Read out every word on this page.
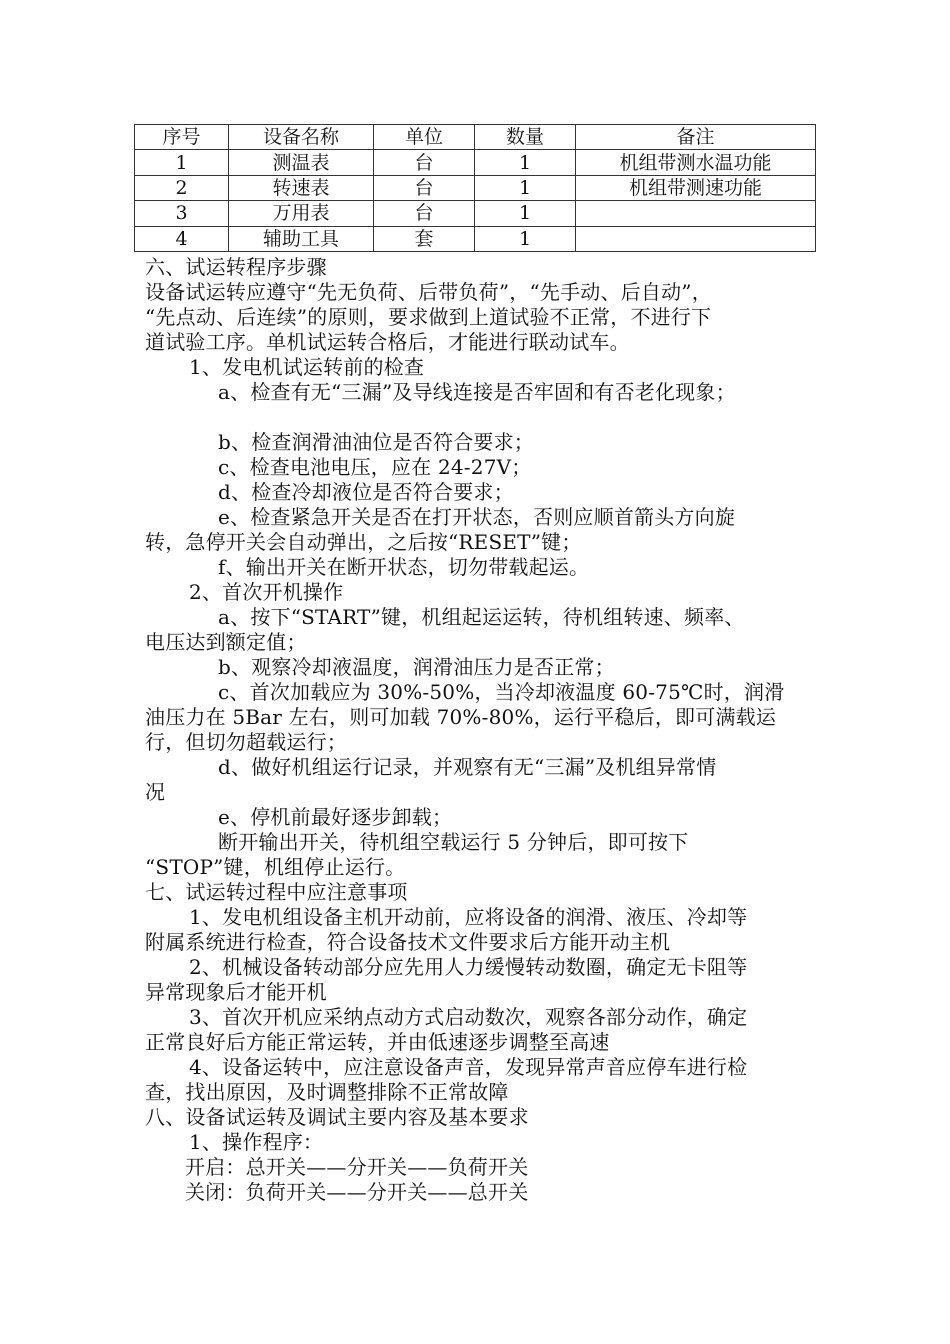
序号	设备名称	单位	数量	备注
1	测温表	台	1	机组带测水温功能
2	转速表	台	1	机组带测速功能
3	万用表	台	1	
4	辅助工具	套	1	
六、试运转程序步骤
设备试运转应遵守“先无负荷、后带负荷”，“先手动、后自动”，
“先点动、后连续”的原则，要求做到上道试验不正常，不进行下
道试验工序。单机试运转合格后，才能进行联动试车。
1、发电机试运转前的检查
a、检查有无“三漏”及导线连接是否牢固和有否老化现象；
b、检查润滑油油位是否符合要求；
c、检查电池电压，应在 24-27V；
d、检查冷却液位是否符合要求；
e、检查紧急开关是否在打开状态，否则应顺首箭头方向旋
转，急停开关会自动弹出，之后按“RESET”键；
f、输出开关在断开状态，切勿带载起运。
2、首次开机操作
a、按下“START”键，机组起运运转，待机组转速、频率、
电压达到额定值；
b、观察冷却液温度，润滑油压力是否正常；
c、首次加载应为 30%-50%，当冷却液温度 60-75℃时，润滑
油压力在 5Bar 左右，则可加载 70%-80%，运行平稳后，即可满载运
行，但切勿超载运行；
d、做好机组运行记录，并观察有无“三漏”及机组异常情
况
e、停机前最好逐步卸载；
断开输出开关，待机组空载运行 5 分钟后，即可按下
“STOP”键，机组停止运行。
七、试运转过程中应注意事项
1、发电机组设备主机开动前，应将设备的润滑、液压、冷却等
附属系统进行检查，符合设备技术文件要求后方能开动主机
2、机械设备转动部分应先用人力缓慢转动数圈，确定无卡阻等
异常现象后才能开机
3、首次开机应采纳点动方式启动数次，观察各部分动作，确定
正常良好后方能正常运转，并由低速逐步调整至高速
4、设备运转中，应注意设备声音，发现异常声音应停车进行检
查，找出原因，及时调整排除不正常故障
八、设备试运转及调试主要内容及基本要求
1、操作程序：
开启：总开关——分开关——负荷开关
关闭：负荷开关——分开关——总开关
